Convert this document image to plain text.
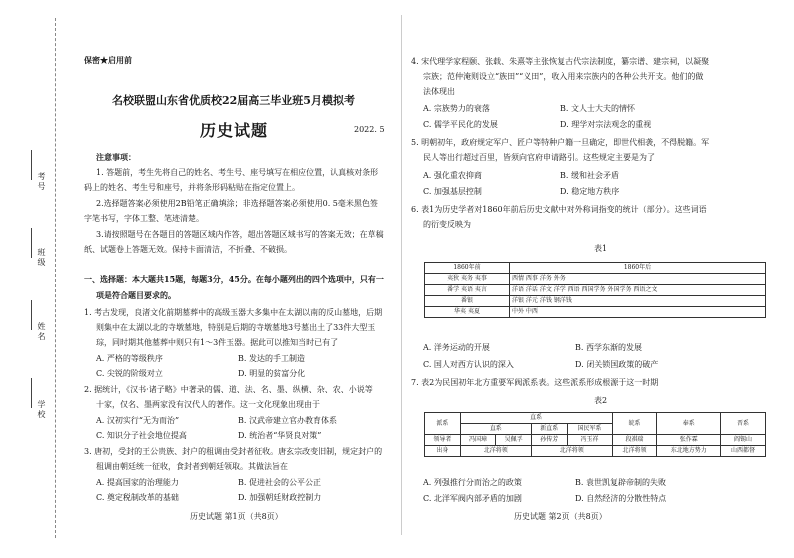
考号
班级
姓名
学校
保密★启用前
名校联盟山东省优质校22届高三毕业班5月模拟考
历史试题	2022. 5
注意事项：
1. 答题前，考生先将自己的姓名、考生号、座号填写在相应位置，认真核对条形
码上的姓名、考生号和座号，并将条形码粘贴在指定位置上。
2.选择题答案必须使用2B铅笔正确填涂；非选择题答案必须使用0. 5毫米黑色签
字笔书写，字体工整、笔迹清楚。
3.请按照题号在各题目的答题区域内作答，超出答题区域书写的答案无效；在草稿
纸、试题卷上答题无效。保持卡面清洁，不折叠、不破损。
一、选择题：本大题共15题，每题3分，45分。在每小题列出的四个选项中，只有一
项是符合题目要求的。
1. 考古发现，良渚文化前期墓葬中的高级玉器大多集中在太湖以南的反山墓地，后期
则集中在太湖以北的寺墩墓地，特别是后期的寺墩墓地3号墓出土了33件大型玉
琮，同时期其他墓葬中则只有1～3件玉器。据此可以推知当时已有了
A. 严格的等级秩序	B. 发达的手工制造
C. 尖锐的阶级对立	D. 明显的贫富分化
2. 据统计，《汉书·诸子略》中著录的儒、道、法、名、墨、纵横、杂、农、小说等
十家，仅名、墨两家没有汉代人的著作。这一文化现象出现由于
A. 汉初实行“无为而治”	B. 汉武帝建立官办教育体系
C. 知识分子社会地位提高	D. 统治者“华贤良对策”
3. 唐初，受封的王公贵族、封户的租调由受封者征收。唐玄宗改变旧制，规定封户的
租调由朝廷统一征收，食封者到朝廷领取。其做法旨在
A. 提高国家的治理能力	B. 促进社会的公平公正
C. 奠定税制改革的基础	D. 加强朝廷财政控制力
历史试题 第1页（共8页）
4. 宋代理学家程颐、张载、朱熹等主张恢复古代宗法制度，纂宗谱、建宗祠，以凝聚
宗族；范仲淹则设立“族田”“义田”，收入用来宗族内的各种公共开支。他们的做
法体现出
A. 宗族势力的衰落	B. 文人士大夫的情怀
C. 儒学平民化的发展	D. 理学对宗法观念的重视
5. 明朝初年，政府规定军户、匠户等特种户籍一旦确定，即世代相袭，不得脱籍。军
民人等出行超过百里，皆须向官府申请路引。这些规定主要是为了
A. 强化重农抑商	B. 缓和社会矛盾
C. 加强基层控制	D. 稳定地方秩序
6. 表1为历史学者对1860年前后历史文献中对外称词指变的统计（部分）。这些词语
的衍变反映为
表1
1860年前	1860年后
夷狄 夷务 夷事	西情 西事 洋务 外务
番学 夷语 夷言	洋语 洋话 洋文 洋学 西语 西国学务 外国学务 西语之文
番银	洋银 洋元 洋钱 钢洋钱
华夷 夷夏	中外 中西
A. 洋务运动的开展	B. 西学东渐的发展
C. 国人对西方认识的深入	D. 闭关锁国政策的破产
7. 表2为民国初年北方重要军阀派系表。这些派系形成根源于这一时期
表2
派系	直系				皖系	奉系	晋系
	直系		新直系	国民军系			
领导者	冯国璋	吴佩孚	孙传芳	冯玉祥	段祺瑞	张作霖	阎锡山
出身	北洋将领		北洋将领		北洋将领	东北地方势力	山西都督
A. 列强推行分而治之的政策	B. 袁世凯复辟帝制的失败
C. 北洋军阀内部矛盾的加剧	D. 自然经济的分散性特点
历史试题 第2页（共8页）
